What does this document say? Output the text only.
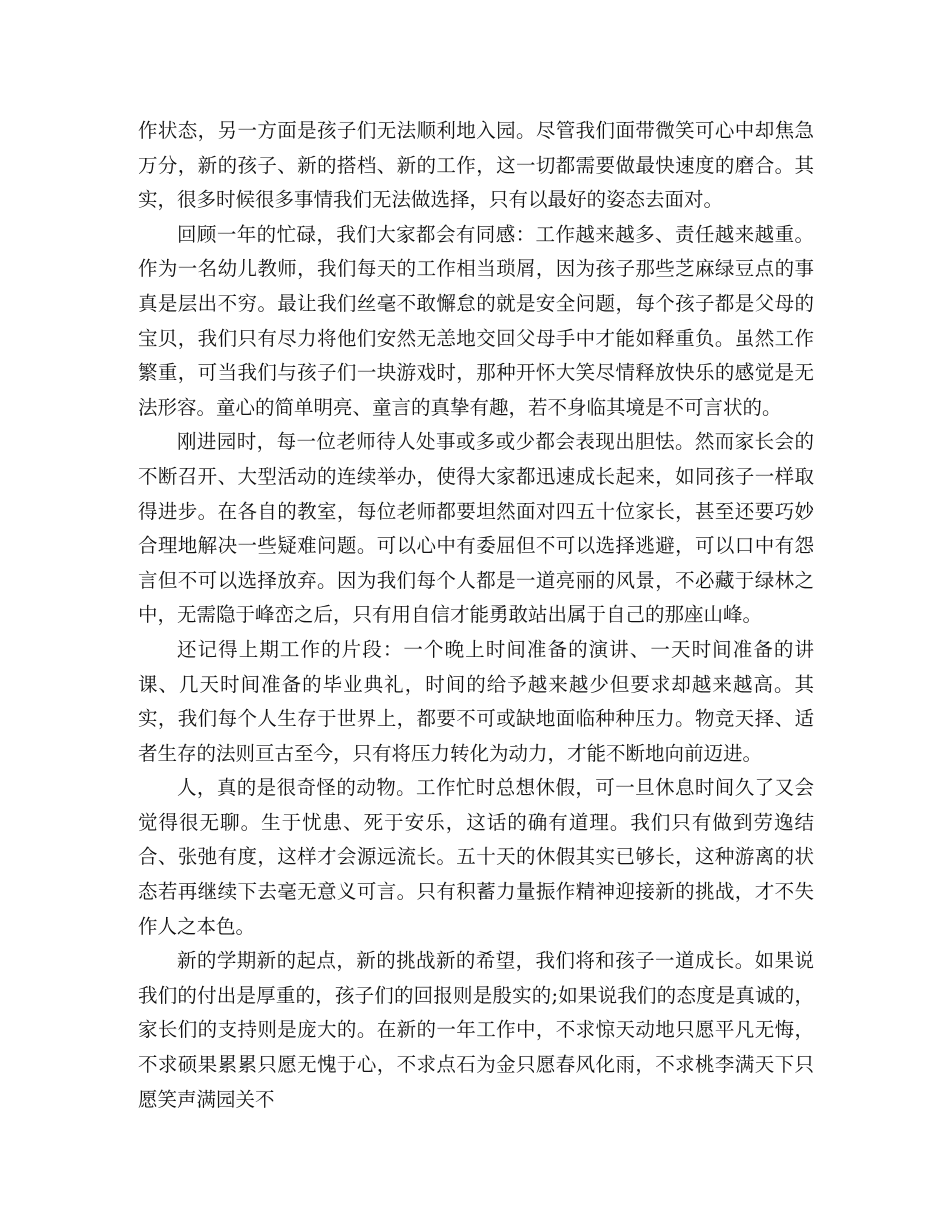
作状态，另一方面是孩子们无法顺利地入园。尽管我们面带微笑可心中却焦急万分，新的孩子、新的搭档、新的工作，这一切都需要做最快速度的磨合。其实，很多时候很多事情我们无法做选择，只有以最好的姿态去面对。

回顾一年的忙碌，我们大家都会有同感：工作越来越多、责任越来越重。作为一名幼儿教师，我们每天的工作相当琐屑，因为孩子那些芝麻绿豆点的事真是层出不穷。最让我们丝毫不敢懈怠的就是安全问题，每个孩子都是父母的宝贝，我们只有尽力将他们安然无恙地交回父母手中才能如释重负。虽然工作繁重，可当我们与孩子们一块游戏时，那种开怀大笑尽情释放快乐的感觉是无法形容。童心的简单明亮、童言的真挚有趣，若不身临其境是不可言状的。

刚进园时，每一位老师待人处事或多或少都会表现出胆怯。然而家长会的不断召开、大型活动的连续举办，使得大家都迅速成长起来，如同孩子一样取得进步。在各自的教室，每位老师都要坦然面对四五十位家长，甚至还要巧妙合理地解决一些疑难问题。可以心中有委屈但不可以选择逃避，可以口中有怨言但不可以选择放弃。因为我们每个人都是一道亮丽的风景，不必藏于绿林之中，无需隐于峰峦之后，只有用自信才能勇敢站出属于自己的那座山峰。

还记得上期工作的片段：一个晚上时间准备的演讲、一天时间准备的讲课、几天时间准备的毕业典礼，时间的给予越来越少但要求却越来越高。其实，我们每个人生存于世界上，都要不可或缺地面临种种压力。物竞天择、适者生存的法则亘古至今，只有将压力转化为动力，才能不断地向前迈进。

人，真的是很奇怪的动物。工作忙时总想休假，可一旦休息时间久了又会觉得很无聊。生于忧患、死于安乐，这话的确有道理。我们只有做到劳逸结合、张弛有度，这样才会源远流长。五十天的休假其实已够长，这种游离的状态若再继续下去毫无意义可言。只有积蓄力量振作精神迎接新的挑战，才不失作人之本色。

新的学期新的起点，新的挑战新的希望，我们将和孩子一道成长。如果说我们的付出是厚重的，孩子们的回报则是殷实的;如果说我们的态度是真诚的，家长们的支持则是庞大的。在新的一年工作中，不求惊天动地只愿平凡无悔，不求硕果累累只愿无愧于心，不求点石为金只愿春风化雨，不求桃李满天下只愿笑声满园关不
